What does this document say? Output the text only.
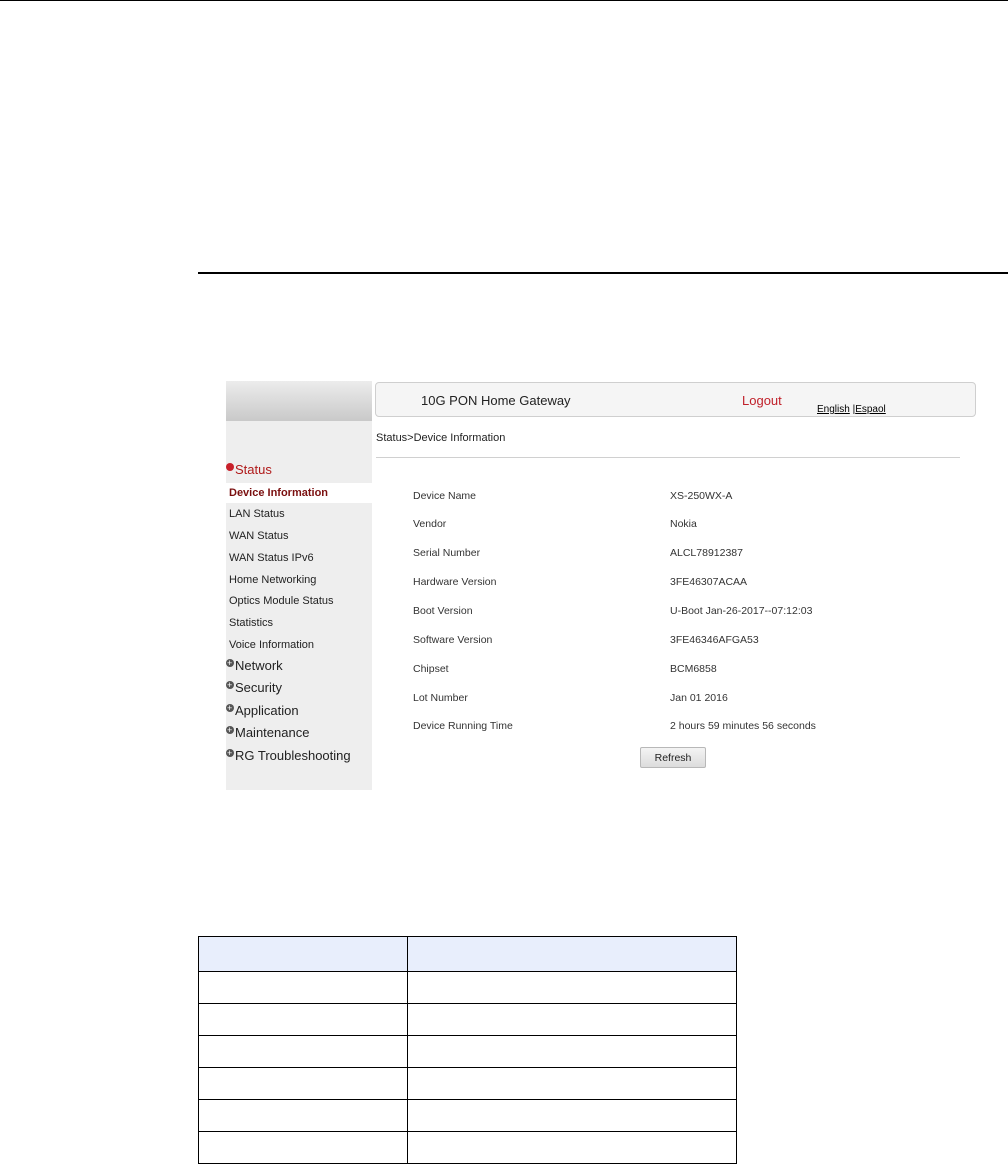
Status
Device Information
LAN Status
WAN Status
WAN Status IPv6
Home Networking
Optics Module Status
Statistics
Voice Information
+
Network
+
Security
+
Application
+
Maintenance
+
RG Troubleshooting
10G PON Home Gateway	Logout
English |Espaol
Status>Device Information
Device Name	XS-250WX-A
Vendor	Nokia
Serial Number	ALCL78912387
Hardware Version	3FE46307ACAA
Boot Version	U-Boot Jan-26-2017--07:12:03
Software Version	3FE46346AFGA53
Chipset	BCM6858
Lot Number	Jan 01 2016
Device Running Time	2 hours 59 minutes 56 seconds
Refresh
